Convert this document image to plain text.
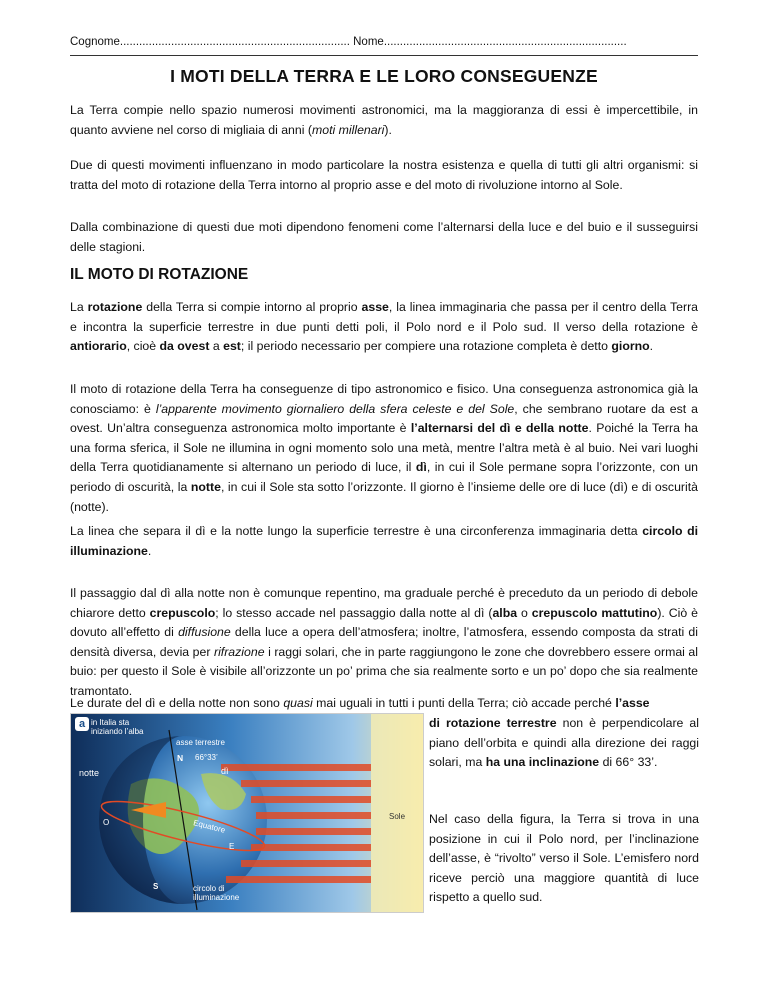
Cognome........................................................................ Nome............................................................................
I MOTI DELLA TERRA E LE LORO CONSEGUENZE

La Terra compie nello spazio numerosi movimenti astronomici, ma la maggioranza di essi è impercettibile, in quanto avviene nel corso di migliaia di anni (moti millenari).

Due di questi movimenti influenzano in modo particolare la nostra esistenza e quella di tutti gli altri organismi: si tratta del moto di rotazione della Terra intorno al proprio asse e del moto di rivoluzione intorno al Sole.

Dalla combinazione di questi due moti dipendono fenomeni come l’alternarsi della luce e del buio e il susseguirsi delle stagioni.

IL MOTO DI ROTAZIONE

La rotazione della Terra si compie intorno al proprio asse, la linea immaginaria che passa per il centro della Terra e incontra la superficie terrestre in due punti detti poli, il Polo nord e il Polo sud. Il verso della rotazione è antiorario, cioè da ovest a est; il periodo necessario per compiere una rotazione completa è detto giorno.

Il moto di rotazione della Terra ha conseguenze di tipo astronomico e fisico. Una conseguenza astronomica già la conosciamo: è l’apparente movimento giornaliero della sfera celeste e del Sole, che sembrano ruotare da est a ovest. Un’altra conseguenza astronomica molto importante è l’alternarsi del dì e della notte. Poiché la Terra ha una forma sferica, il Sole ne illumina in ogni momento solo una metà, mentre l’altra metà è al buio. Nei vari luoghi della Terra quotidianamente si alternano un periodo di luce, il dì, in cui il Sole permane sopra l’orizzonte, con un periodo di oscurità, la notte, in cui il Sole sta sotto l’orizzonte. Il giorno è l’insieme delle ore di luce (dì) e di oscurità (notte).

La linea che separa il dì e la notte lungo la superficie terrestre è una circonferenza immaginaria detta circolo di illuminazione.

Il passaggio dal dì alla notte non è comunque repentino, ma graduale perché è preceduto da un periodo di debole chiarore detto crepuscolo; lo stesso accade nel passaggio dalla notte al dì (alba o crepuscolo mattutino). Ciò è dovuto all’effetto di diffusione della luce a opera dell’atmosfera; inoltre, l’atmosfera, essendo composta da strati di densità diversa, devia per rifrazione i raggi solari, che in parte raggiungono le zone che dovrebbero essere ormai al buio: per questo il Sole è visibile all’orizzonte un po’ prima che sia realmente sorto e un po’ dopo che sia realmente tramontato.

Le durate del dì e della notte non sono quasi mai uguali in tutti i punti della Terra; ciò accade perché l’asse

a in Italia sta iniziando l’alba
asse terrestre
N 66°33’
notte	dì
O	Equatore
E
S
Sole
circolo di illuminazione

di rotazione terrestre non è perpendicolare al piano dell’orbita e quindi alla direzione dei raggi solari, ma ha una inclinazione di 66° 33’.

Nel caso della figura, la Terra si trova in una posizione in cui il Polo nord, per l’inclinazione dell’asse, è “rivolto” verso il Sole. L’emisfero nord riceve perciò una maggiore quantità di luce rispetto a quello sud.
